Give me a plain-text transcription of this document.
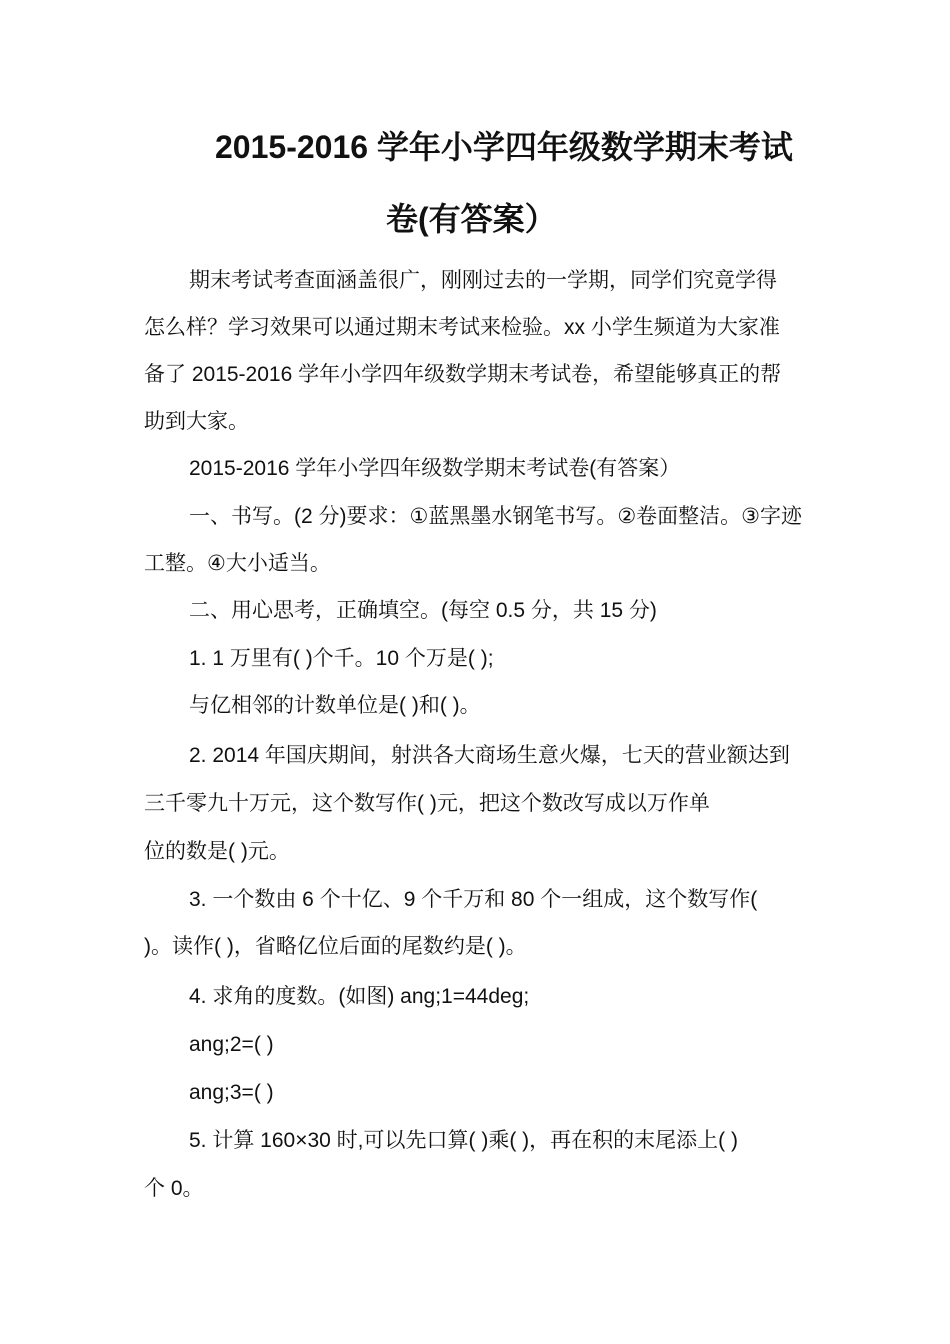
2015-2016 学年小学四年级数学期末考试
卷(有答案）
期末考试考查面涵盖很广，刚刚过去的一学期，同学们究竟学得
怎么样？学习效果可以通过期末考试来检验。xx 小学生频道为大家准
备了 2015-2016 学年小学四年级数学期末考试卷，希望能够真正的帮
助到大家。
2015-2016 学年小学四年级数学期末考试卷(有答案）
一、书写。(2 分)要求：①蓝黑墨水钢笔书写。②卷面整洁。③字迹
工整。④大小适当。
二、用心思考，正确填空。(每空 0.5 分，共 15 分)
1. 1 万里有( )个千。10 个万是( );
与亿相邻的计数单位是( )和( )。
2. 2014 年国庆期间，射洪各大商场生意火爆，七天的营业额达到
三千零九十万元，这个数写作( )元，把这个数改写成以万作单
位的数是( )元。
3. 一个数由 6 个十亿、9 个千万和 80 个一组成，这个数写作(
)。读作( )，省略亿位后面的尾数约是( )。
4. 求角的度数。(如图) ang;1=44deg;
ang;2=( )
ang;3=( )
5. 计算 160×30 时,可以先口算( )乘( )，再在积的末尾添上( )
个 0。
